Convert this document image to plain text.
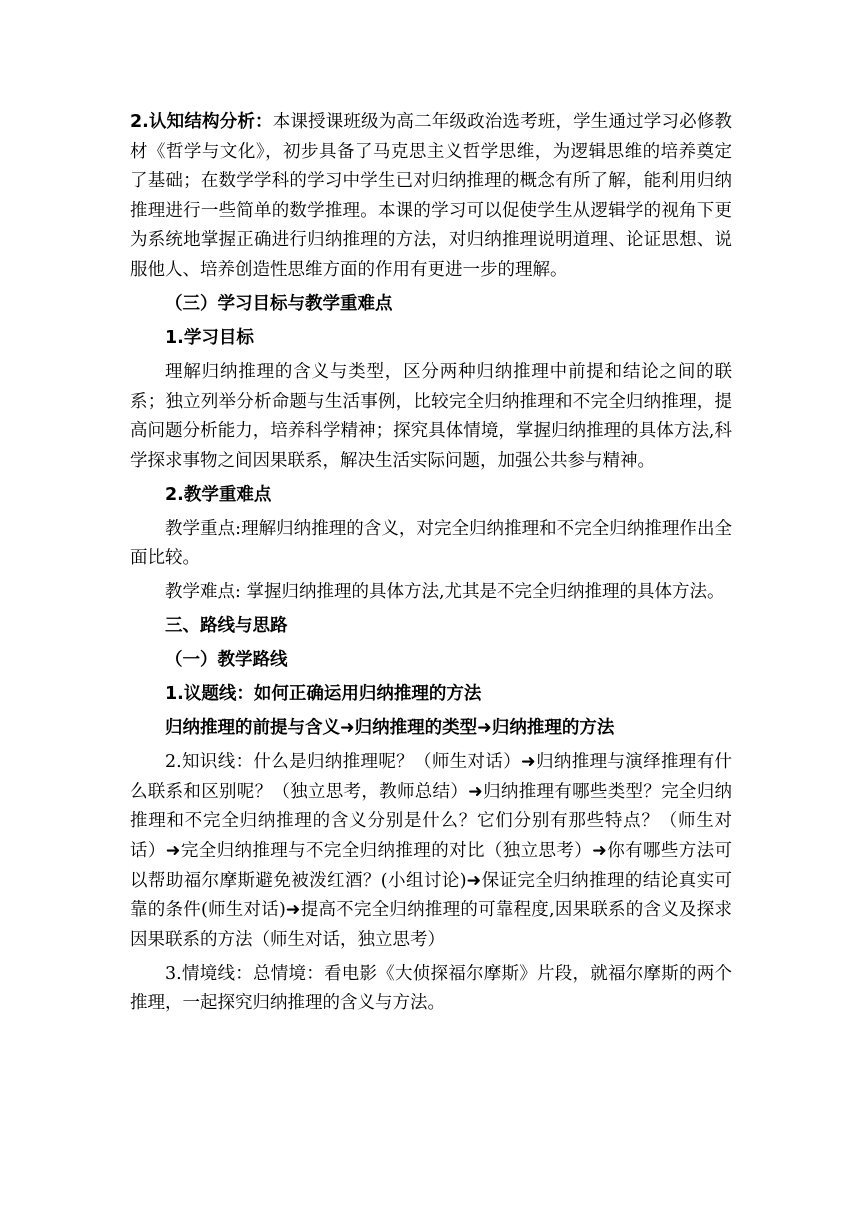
2.认知结构分析：本课授课班级为高二年级政治选考班，学生通过学习必修教材《哲学与文化》，初步具备了马克思主义哲学思维，为逻辑思维的培养奠定了基础；在数学学科的学习中学生已对归纳推理的概念有所了解，能利用归纳推理进行一些简单的数学推理。本课的学习可以促使学生从逻辑学的视角下更为系统地掌握正确进行归纳推理的方法，对归纳推理说明道理、论证思想、说服他人、培养创造性思维方面的作用有更进一步的理解。

（三）学习目标与教学重难点

1.学习目标

理解归纳推理的含义与类型，区分两种归纳推理中前提和结论之间的联系；独立列举分析命题与生活事例，比较完全归纳推理和不完全归纳推理，提高问题分析能力，培养科学精神；探究具体情境，掌握归纳推理的具体方法,科学探求事物之间因果联系，解决生活实际问题，加强公共参与精神。

2.教学重难点

教学重点:理解归纳推理的含义，对完全归纳推理和不完全归纳推理作出全面比较。

教学难点: 掌握归纳推理的具体方法,尤其是不完全归纳推理的具体方法。

三、路线与思路

（一）教学路线

1.议题线：如何正确运用归纳推理的方法

归纳推理的前提与含义➜归纳推理的类型➜归纳推理的方法

2.知识线：什么是归纳推理呢？（师生对话）➜归纳推理与演绎推理有什么联系和区别呢？（独立思考，教师总结）➜归纳推理有哪些类型？完全归纳推理和不完全归纳推理的含义分别是什么？它们分别有那些特点？（师生对话）➜完全归纳推理与不完全归纳推理的对比（独立思考）➜你有哪些方法可以帮助福尔摩斯避免被泼红酒？(小组讨论)➜保证完全归纳推理的结论真实可靠的条件(师生对话)➜提高不完全归纳推理的可靠程度,因果联系的含义及探求因果联系的方法（师生对话，独立思考）

3.情境线：总情境：看电影《大侦探福尔摩斯》片段，就福尔摩斯的两个推理，一起探究归纳推理的含义与方法。
